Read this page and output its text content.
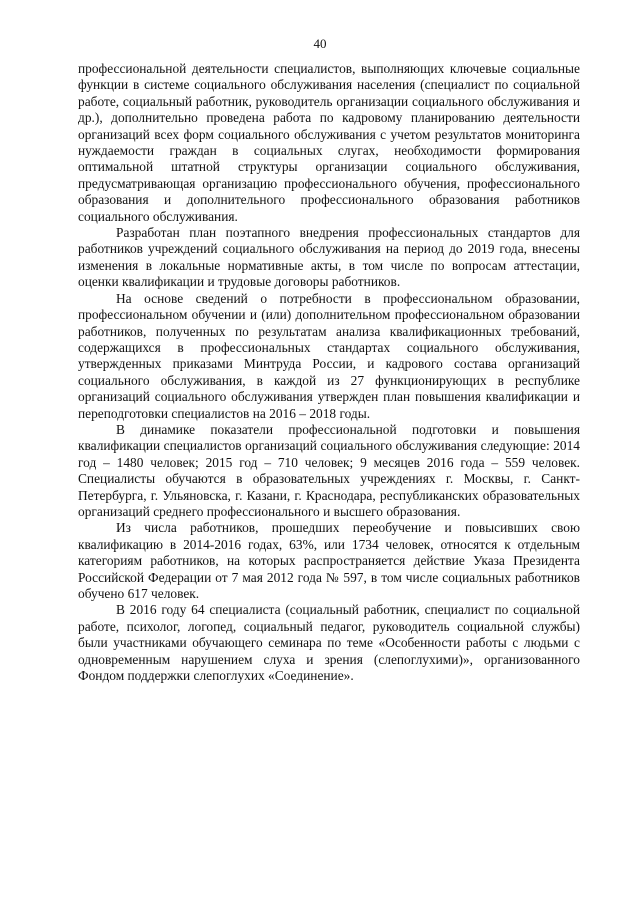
40

профессиональной деятельности специалистов, выполняющих ключевые социальные функции в системе социального обслуживания населения (специалист по социальной работе, социальный работник, руководитель организации социального обслуживания и др.), дополнительно проведена работа по кадровому планированию деятельности организаций всех форм социального обслуживания с учетом результатов мониторинга нуждаемости граждан в социальных слугах, необходимости формирования оптимальной штатной структуры организации социального обслуживания, предусматривающая организацию профессионального обучения, профессионального образования и дополнительного профессионального образования работников социального обслуживания.

Разработан план поэтапного внедрения профессиональных стандартов для работников учреждений социального обслуживания на период до 2019 года, внесены изменения в локальные нормативные акты, в том числе по вопросам аттестации, оценки квалификации и трудовые договоры работников.

На основе сведений о потребности в профессиональном образовании, профессиональном обучении и (или) дополнительном профессиональном образовании работников, полученных по результатам анализа квалификационных требований, содержащихся в профессиональных стандартах социального обслуживания, утвержденных приказами Минтруда России, и кадрового состава организаций социального обслуживания, в каждой из 27 функционирующих в республике организаций социального обслуживания утвержден план повышения квалификации и переподготовки специалистов на 2016 – 2018 годы.

В динамике показатели профессиональной подготовки и повышения квалификации специалистов организаций социального обслуживания следующие: 2014 год – 1480 человек; 2015 год – 710 человек; 9 месяцев 2016 года – 559 человек. Специалисты обучаются в образовательных учреждениях г. Москвы, г. Санкт-Петербурга, г. Ульяновска, г. Казани, г. Краснодара, республиканских образовательных организаций среднего профессионального и высшего образования.

Из числа работников, прошедших переобучение и повысивших свою квалификацию в 2014-2016 годах, 63%, или 1734 человек, относятся к отдельным категориям работников, на которых распространяется действие Указа Президента Российской Федерации от 7 мая 2012 года № 597, в том числе социальных работников обучено 617 человек.

В 2016 году 64 специалиста (социальный работник, специалист по социальной работе, психолог, логопед, социальный педагог, руководитель социальной службы) были участниками обучающего семинара по теме «Особенности работы с людьми с одновременным нарушением слуха и зрения (слепоглухими)», организованного Фондом поддержки слепоглухих «Соединение».
